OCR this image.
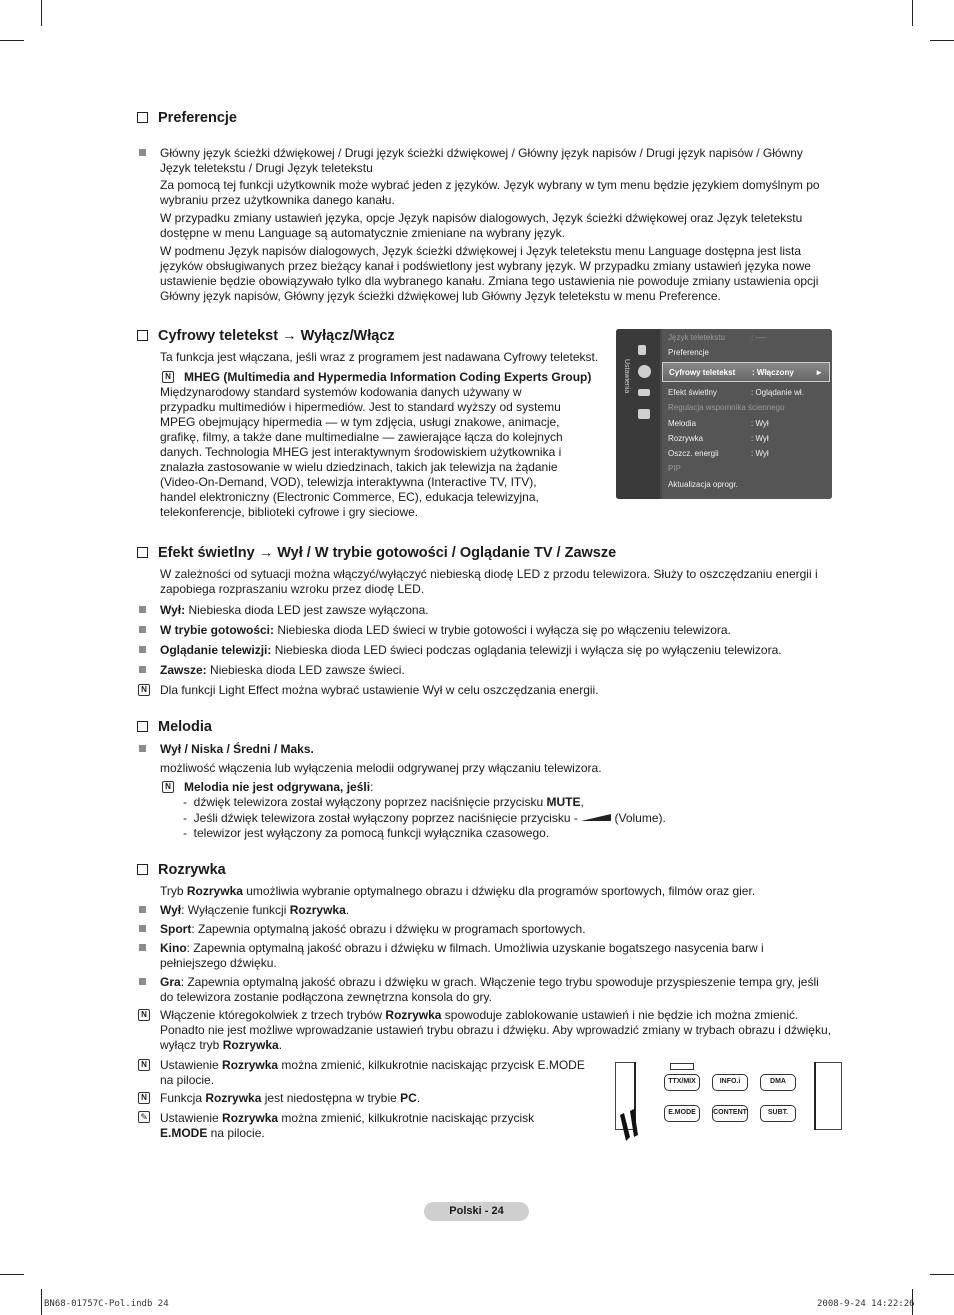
Preferencje
Główny język ścieżki dźwiękowej / Drugi język ścieżki dźwiękowej / Główny język napisów / Drugi język napisów / Główny
Język teletekstu / Drugi Język teletekstu
Za pomocą tej funkcji użytkownik może wybrać jeden z języków. Język wybrany w tym menu będzie językiem domyślnym po
wybraniu przez użytkownika danego kanału.
W przypadku zmiany ustawień języka, opcje Język napisów dialogowych, Język ścieżki dźwiękowej oraz Język teletekstu
dostępne w menu Language są automatycznie zmieniane na wybrany język.
W podmenu Język napisów dialogowych, Język ścieżki dźwiękowej i Język teletekstu menu Language dostępna jest lista
języków obsługiwanych przez bieżący kanał i podświetlony jest wybrany język. W przypadku zmiany ustawień języka nowe
ustawienie będzie obowiązywało tylko dla wybranego kanału. Zmiana tego ustawienia nie powoduje zmiany ustawienia opcji
Główny język napisów, Główny język ścieżki dźwiękowej lub Główny Język teletekstu w menu Preference.
Cyfrowy teletekst → Wyłącz/Włącz
Ta funkcja jest włączana, jeśli wraz z programem jest nadawana Cyfrowy teletekst.
N MHEG (Multimedia and Hypermedia Information Coding Experts Group)
Międzynarodowy standard systemów kodowania danych używany w
przypadku multimediów i hipermediów. Jest to standard wyższy od systemu
MPEG obejmujący hipermedia — w tym zdjęcia, usługi znakowe, animacje,
grafikę, filmy, a także dane multimedialne — zawierające łącza do kolejnych
danych. Technologia MHEG jest interaktywnym środowiskiem użytkownika i
znalazła zastosowanie w wielu dziedzinach, takich jak telewizja na żądanie
(Video-On-Demand, VOD), telewizja interaktywna (Interactive TV, ITV),
handel elektroniczny (Electronic Commerce, EC), edukacja telewizyjna,
telekonferencje, biblioteki cyfrowe i gry sieciowe.
Ustawienia
Język teletekstu	: ----
Preferencje
Cyfrowy teletekst : Włączony	►
Efekt świetlny	: Oglądanie wł.
Regulacja wspomnika ściennego
Melodia	: Wył
Rozrywka	: Wył
Oszcz. energii	: Wył
PIP
Aktualizacja oprogr.
Efekt świetlny → Wył / W trybie gotowości / Oglądanie TV / Zawsze
W zależności od sytuacji można włączyć/wyłączyć niebieską diodę LED z przodu telewizora. Służy to oszczędzaniu energii i
zapobiega rozpraszaniu wzroku przez diodę LED.
Wył: Niebieska dioda LED jest zawsze wyłączona.
W trybie gotowości: Niebieska dioda LED świeci w trybie gotowości i wyłącza się po włączeniu telewizora.
Oglądanie telewizji: Niebieska dioda LED świeci podczas oglądania telewizji i wyłącza się po wyłączeniu telewizora.
Zawsze: Niebieska dioda LED zawsze świeci.
N Dla funkcji Light Effect można wybrać ustawienie Wył w celu oszczędzania energii.
Melodia
Wył / Niska / Średni / Maks.
możliwość włączenia lub wyłączenia melodii odgrywanej przy włączaniu telewizora.
N Melodia nie jest odgrywana, jeśli:
-  dźwięk telewizora został wyłączony poprzez naciśnięcie przycisku MUTE,
-  Jeśli dźwięk telewizora został wyłączony poprzez naciśnięcie przycisku -	(Volume).
-  telewizor jest wyłączony za pomocą funkcji wyłącznika czasowego.
Rozrywka
Tryb Rozrywka umożliwia wybranie optymalnego obrazu i dźwięku dla programów sportowych, filmów oraz gier.
Wył: Wyłączenie funkcji Rozrywka.
Sport: Zapewnia optymalną jakość obrazu i dźwięku w programach sportowych.
Kino: Zapewnia optymalną jakość obrazu i dźwięku w filmach. Umożliwia uzyskanie bogatszego nasycenia barw i
pełniejszego dźwięku.
Gra: Zapewnia optymalną jakość obrazu i dźwięku w grach. Włączenie tego trybu spowoduje przyspieszenie tempa gry, jeśli
do telewizora zostanie podłączona zewnętrzna konsola do gry.
N Włączenie któregokolwiek z trzech trybów Rozrywka spowoduje zablokowanie ustawień i nie będzie ich można zmienić.
Ponadto nie jest możliwe wprowadzanie ustawień trybu obrazu i dźwięku. Aby wprowadzić zmiany w trybach obrazu i dźwięku,
wyłącz tryb Rozrywka.
N Ustawienie Rozrywka można zmienić, kilkukrotnie naciskając przycisk E.MODE
na pilocie.
N Funkcja Rozrywka jest niedostępna w trybie PC.
✎ Ustawienie Rozrywka można zmienić, kilkukrotnie naciskając przycisk
E.MODE na pilocie.
TTX/MIX	INFO.i	DMA
E.MODE	CONTENT	SUBT.
Polski - 24
BN68-01757C-Pol.indb 24	2008-9-24 14:22:26
